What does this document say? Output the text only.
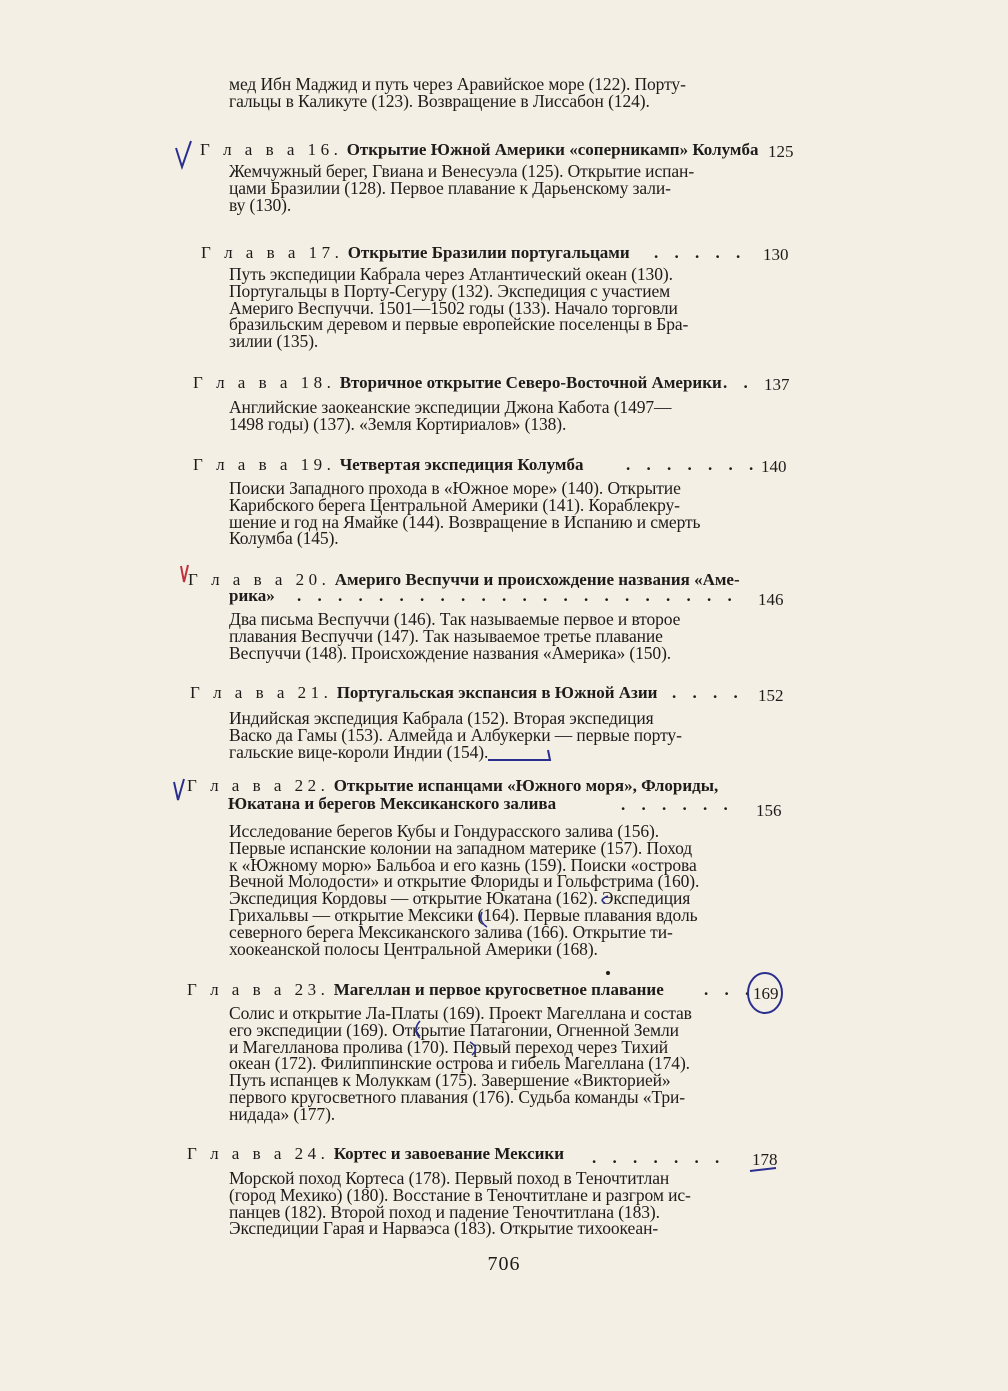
мед Ибн Маджид и путь через Аравийское море (122). Порту-
гальцы в Каликуте (123). Возвращение в Лиссабон (124).
Г л а в а 16. Открытие Южной Америки «соперникамп» Колумба 125
Жемчужный берег, Гвиана и Венесуэла (125). Открытие испан-
цами Бразилии (128). Первое плавание к Дарьенскому зали-
ву (130).
Г л а в а 17. Открытие Бразилии португальцами . . . . . 130
Путь экспедиции Кабрала через Атлантический океан (130).
Португальцы в Порту-Сегуру (132). Экспедиция с участием
Америго Веспуччи. 1501—1502 годы (133). Начало торговли
бразильским деревом и первые европейские поселенцы в Бра-
зилии (135).
Г л а в а 18. Вторичное открытие Северо-Восточной Америки . . 137
Английские заокеанские экспедиции Джона Кабота (1497—
1498 годы) (137). «Земля Кортириалов» (138).
Г л а в а 19. Четвертая экспедиция Колумба	. . . . . . . 140
Поиски Западного прохода в «Южное море» (140). Открытие
Карибского берега Центральной Америки (141). Кораблекру-
шение и год на Ямайке (144). Возвращение в Испанию и смерть
Колумба (145).
Г л а в а 20. Америго Веспуччи и происхождение названия «Аме-
рика» . . . . . . . . . . . . . . . . . . . . . . 146
Два письма Веспуччи (146). Так называемые первое и второе
плавания Веспуччи (147). Так называемое третье плавание
Веспуччи (148). Происхождение названия «Америка» (150).
Г л а в а 21. Португальская экспансия в Южной Азии . . . . 152
Индийская экспедиция Кабрала (152). Вторая экспедиция
Васко да Гамы (153). Алмейда и Албукерки — первые порту-
гальские вице-короли Индии (154).
Г л а в а 22. Открытие испанцами «Южного моря», Флориды,
Юкатана и берегов Мексиканского залива	. . . . . . 156
Исследование берегов Кубы и Гондурасского залива (156).
Первые испанские колонии на западном материке (157). Поход
к «Южному морю» Бальбоа и его казнь (159). Поиски «острова
Вечной Молодости» и открытие Флориды и Гольфстрима (160).
Экспедиция Кордовы — открытие Юкатана (162). Экспедиция
Грихальвы — открытие Мексики (164). Первые плавания вдоль
северного берега Мексиканского залива (166). Открытие ти-
хоокеанской полосы Центральной Америки (168).
Г л а в а 23. Магеллан и первое кругосветное плавание . . .
169
Солис и открытие Ла-Платы (169). Проект Магеллана и состав
его экспедиции (169). Открытие Патагонии, Огненной Земли
и Магелланова пролива (170). Первый переход через Тихий
океан (172). Филиппинские острова и гибель Магеллана (174).
Путь испанцев к Молуккам (175). Завершение «Викторией»
первого кругосветного плавания (176). Судьба команды «Три-
нидада» (177).
Г л а в а 24. Кортес и завоевание Мексики . . . . . . . 178
Морской поход Кортеса (178). Первый поход в Теночтитлан
(город Мехико) (180). Восстание в Теночтитлане и разгром ис-
панцев (182). Второй поход и падение Теночтитлана (183).
Экспедиции Гарая и Нарваэса (183). Открытие тихоокеан-
706
